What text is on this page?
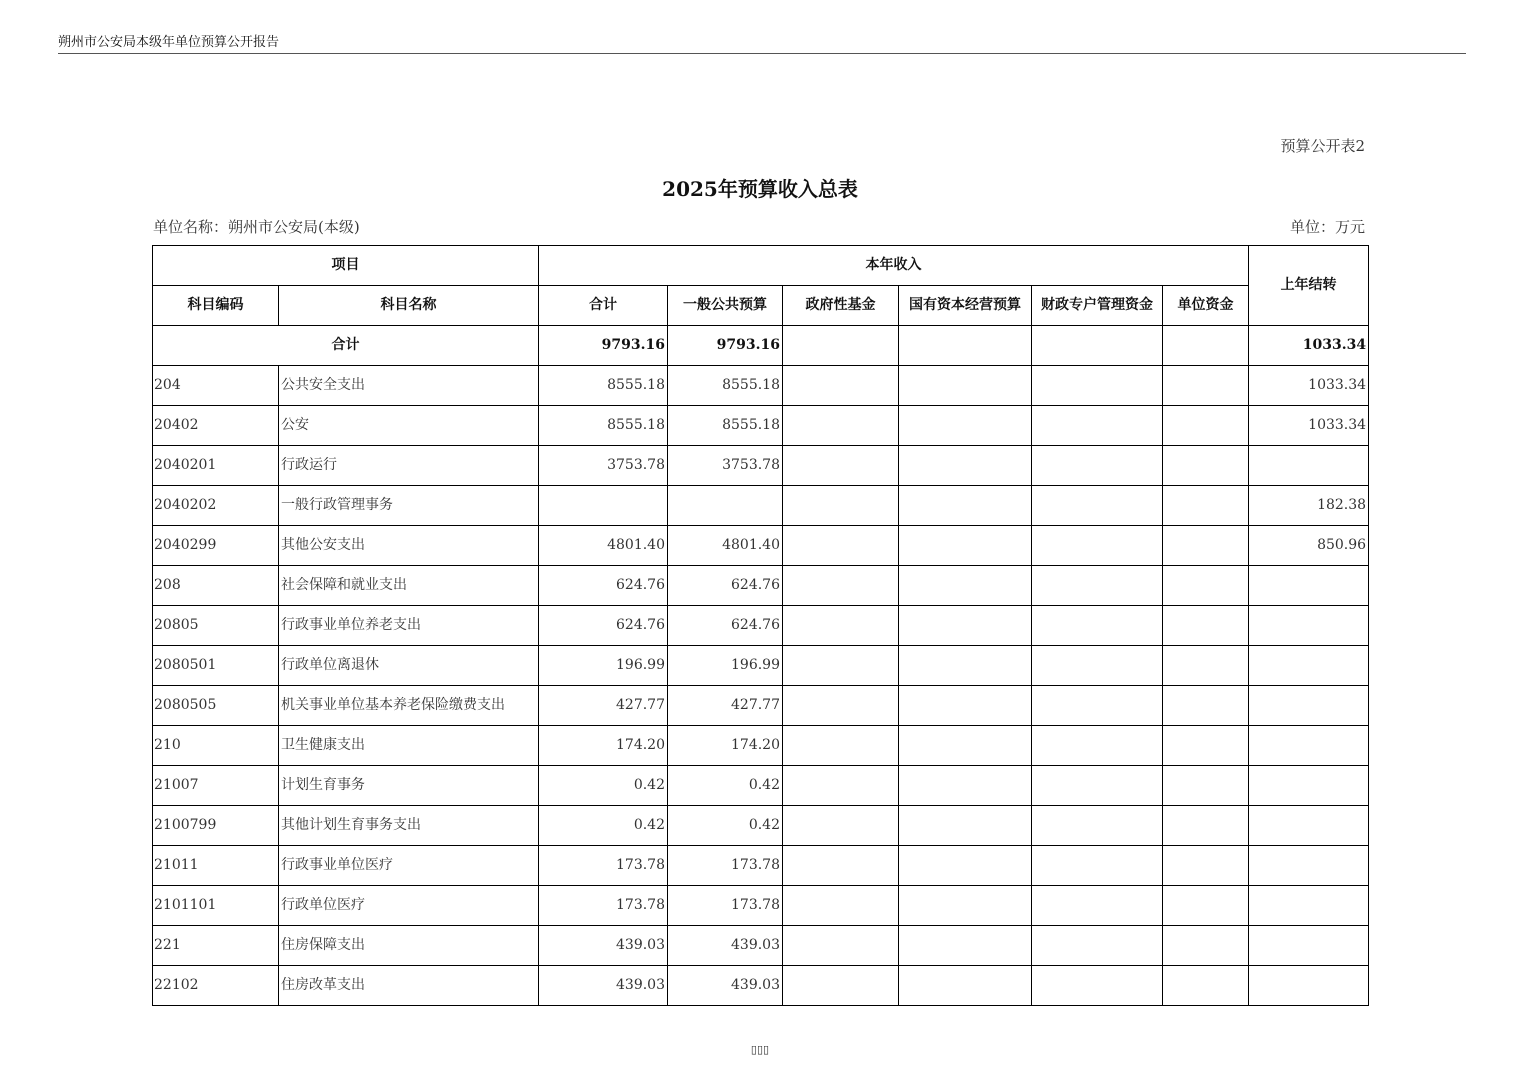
朔州市公安局本级年单位预算公开报告
预算公开表2
2025年预算收入总表
单位名称：朔州市公安局(本级)	单位：万元
项目		本年收入						上年结转
科目编码	科目名称	合计	一般公共预算	政府性基金	国有资本经营预算	财政专户管理资金	单位资金	
合计		9793.16	9793.16					1033.34
204	公共安全支出	8555.18	8555.18					1033.34
20402	公安	8555.18	8555.18					1033.34
2040201	行政运行	3753.78	3753.78					
2040202	一般行政管理事务							182.38
2040299	其他公安支出	4801.40	4801.40					850.96
208	社会保障和就业支出	624.76	624.76					
20805	行政事业单位养老支出	624.76	624.76					
2080501	行政单位离退休	196.99	196.99					
2080505	机关事业单位基本养老保险缴费支出	427.77	427.77					
210	卫生健康支出	174.20	174.20					
21007	计划生育事务	0.42	0.42					
2100799	其他计划生育事务支出	0.42	0.42					
21011	行政事业单位医疗	173.78	173.78					
2101101	行政单位医疗	173.78	173.78					
221	住房保障支出	439.03	439.03					
22102	住房改革支出	439.03	439.03					
▯▯▯
